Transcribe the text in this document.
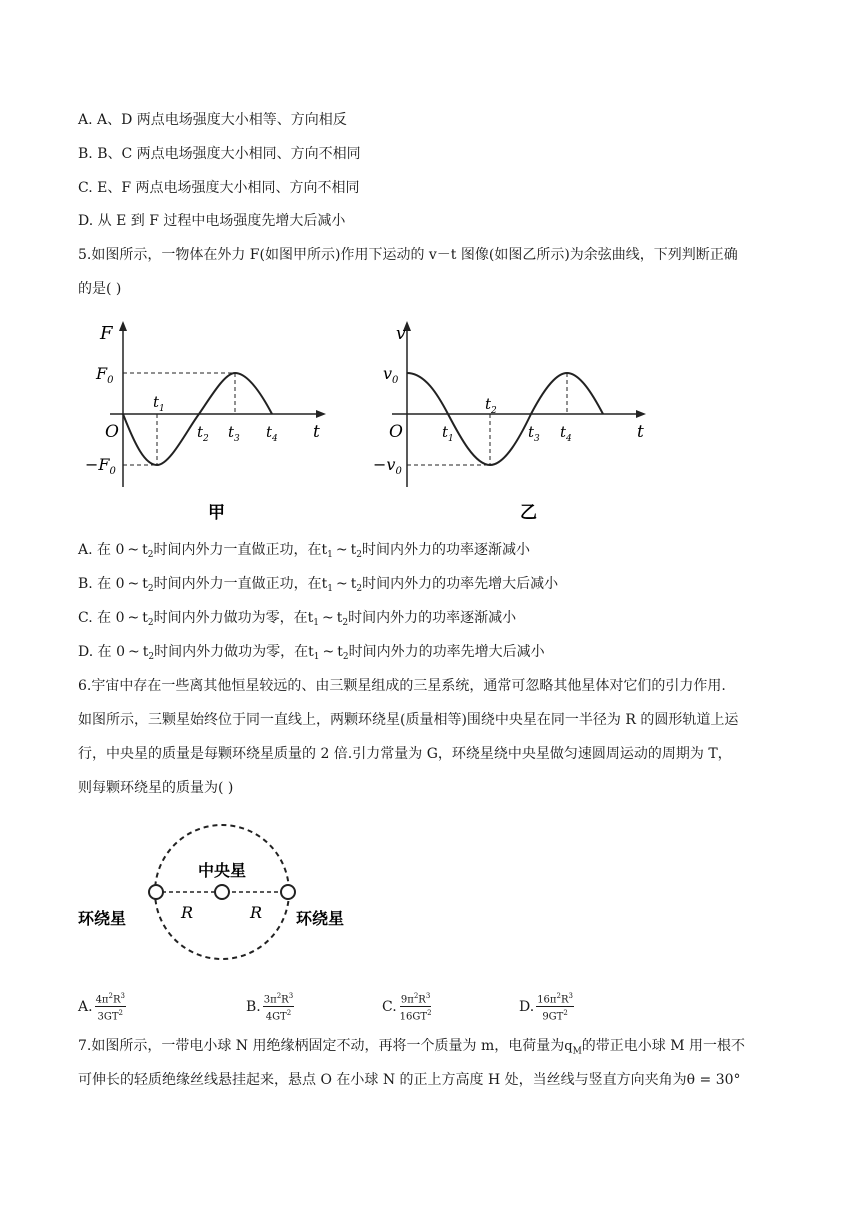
A. A、D 两点电场强度大小相等、方向相反
B. B、C 两点电场强度大小相同、方向不相同
C. E、F 两点电场强度大小相同、方向不相同
D. 从 E 到 F 过程中电场强度先增大后减小
5.如图所示，一物体在外力 F(如图甲所示)作用下运动的 v－t 图像(如图乙所示)为余弦曲线，下列判断正确
的是( )
F
t
O
$F_0$
$-F_0$
$t_1$
$t_2$ $t_3$ $t_4$
甲
v
t
O
$v_0$
$-v_0$
$t_1$
$t_2$
$t_3$ $t_4$
乙
A. 在 0 ~ $t_2$时间内外力一直做正功，在$t_1$ ~ $t_2$时间内外力的功率逐渐减小
B. 在 0 ~ $t_2$时间内外力一直做正功，在$t_1$ ~ $t_2$时间内外力的功率先增大后减小
C. 在 0 ~ $t_2$时间内外力做功为零，在$t_1$ ~ $t_2$时间内外力的功率逐渐减小
D. 在 0 ~ $t_2$时间内外力做功为零，在$t_1$ ~ $t_2$时间内外力的功率先增大后减小
6.宇宙中存在一些离其他恒星较远的、由三颗星组成的三星系统，通常可忽略其他星体对它们的引力作用.
如图所示，三颗星始终位于同一直线上，两颗环绕星(质量相等)围绕中央星在同一半径为 R 的圆形轨道上运
行，中央星的质量是每颗环绕星质量的 2 倍.引力常量为 G，环绕星绕中央星做匀速圆周运动的周期为 T，
则每颗环绕星的质量为( )
中央星
环绕星	环绕星
R	R
A. $\frac{4\pi^2R^3}{3GT^2}$	B. $\frac{3\pi^2R^3}{4GT^2}$	C. $\frac{9\pi^2R^3}{16GT^2}$	D. $\frac{16\pi^2R^3}{9GT^2}$
7.如图所示，一带电小球 N 用绝缘柄固定不动，再将一个质量为 m，电荷量为$q_M$的带正电小球 M 用一根不
可伸长的轻质绝缘丝线悬挂起来，悬点 O 在小球 N 的正上方高度 H 处，当丝线与竖直方向夹角为θ = 30°
